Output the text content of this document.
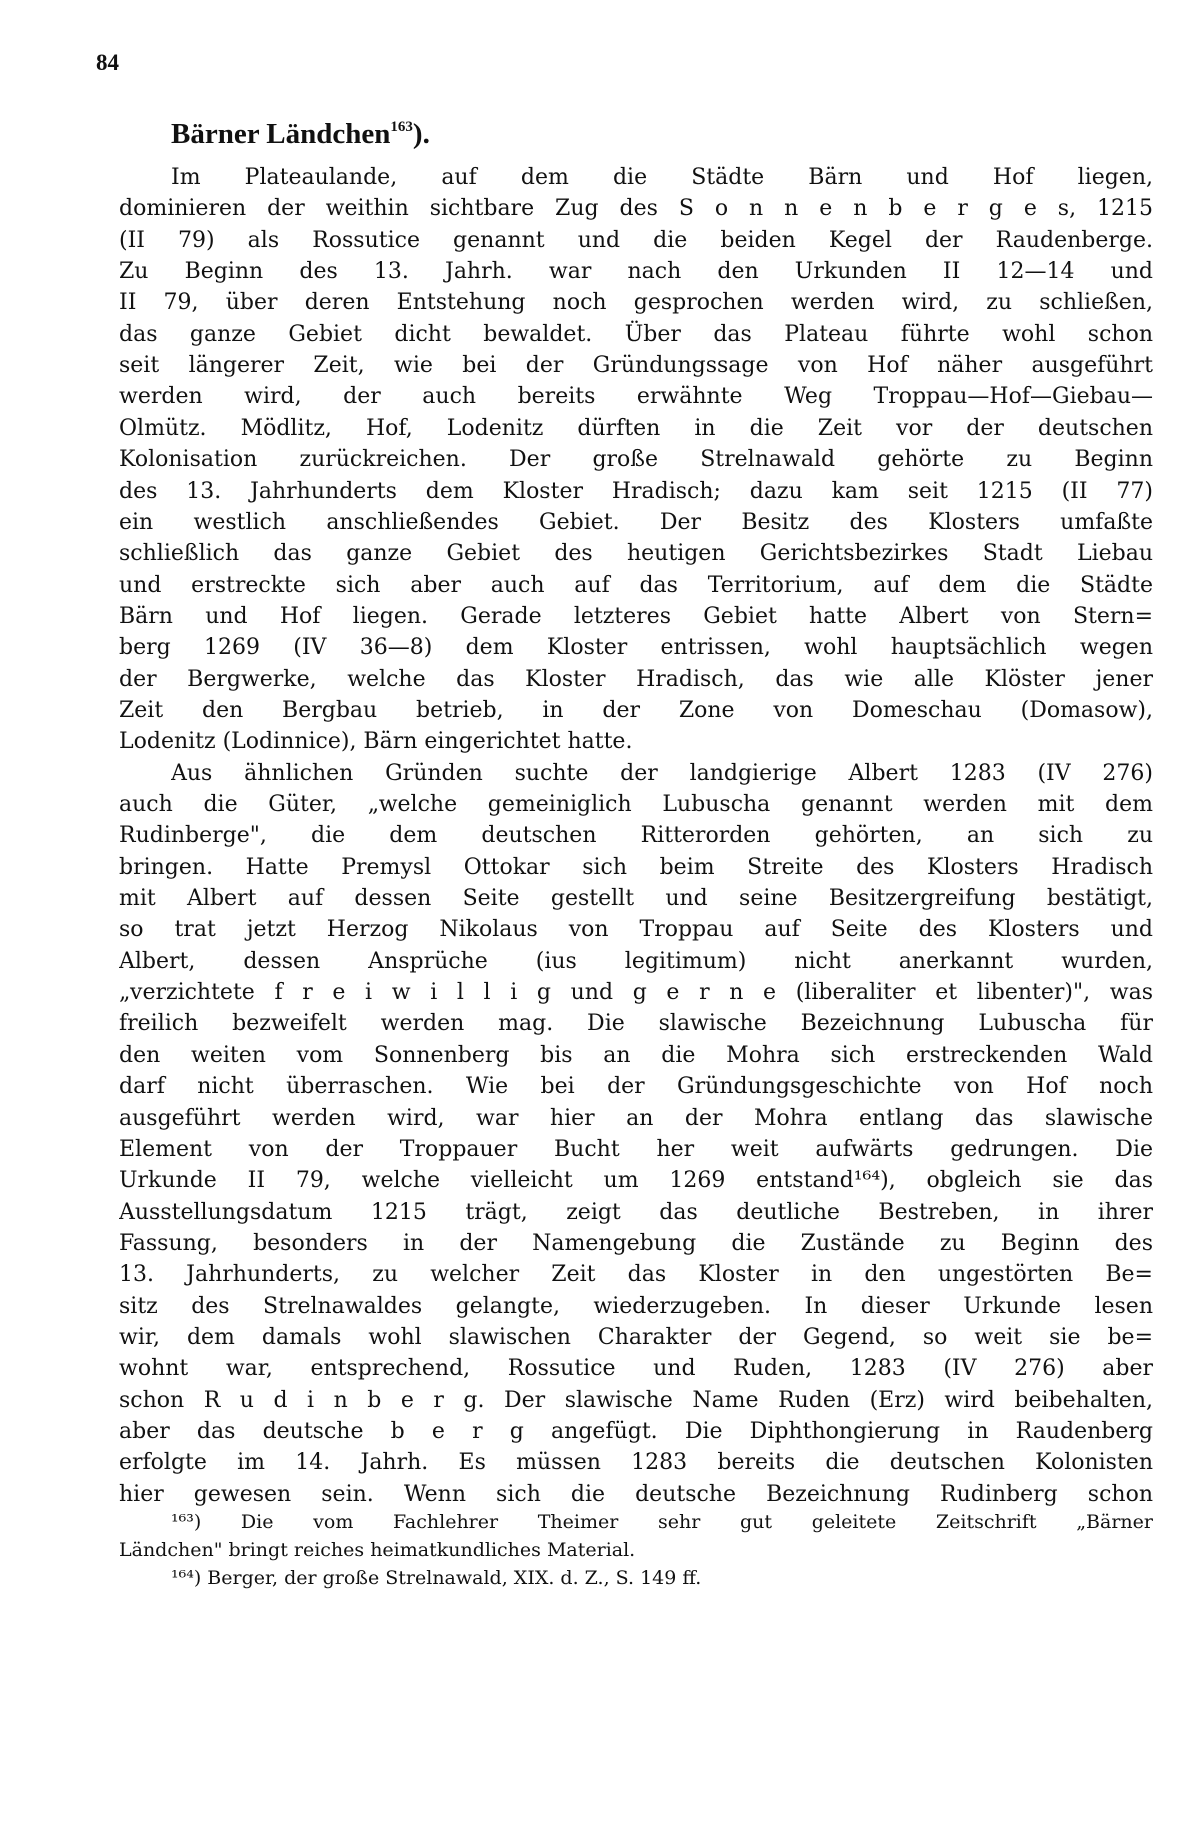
84
Bärner Ländchen$^{163}$).
Im Plateaulande, auf dem die Städte Bärn und Hof liegen,
dominieren der weithin sichtbare Zug des S o n n e n b e r g e s, 1215
(II 79) als Rossutice genannt und die beiden Kegel der Raudenberge.
Zu Beginn des 13. Jahrh. war nach den Urkunden II 12—14 und
II 79, über deren Entstehung noch gesprochen werden wird, zu schließen,
das ganze Gebiet dicht bewaldet. Über das Plateau führte wohl schon
seit längerer Zeit, wie bei der Gründungssage von Hof näher ausgeführt
werden wird, der auch bereits erwähnte Weg Troppau—Hof—Giebau—
Olmütz. Mödlitz, Hof, Lodenitz dürften in die Zeit vor der deutschen
Kolonisation zurückreichen. Der große Strelnawald gehörte zu Beginn
des 13. Jahrhunderts dem Kloster Hradisch; dazu kam seit 1215 (II 77)
ein westlich anschließendes Gebiet. Der Besitz des Klosters umfaßte
schließlich das ganze Gebiet des heutigen Gerichtsbezirkes Stadt Liebau
und erstreckte sich aber auch auf das Territorium, auf dem die Städte
Bärn und Hof liegen. Gerade letzteres Gebiet hatte Albert von Stern=
berg 1269 (IV 36—8) dem Kloster entrissen, wohl hauptsächlich wegen
der Bergwerke, welche das Kloster Hradisch, das wie alle Klöster jener
Zeit den Bergbau betrieb, in der Zone von Domeschau (Domasow),
Lodenitz (Lodinnice), Bärn eingerichtet hatte.
Aus ähnlichen Gründen suchte der landgierige Albert 1283 (IV 276)
auch die Güter, „welche gemeiniglich Lubuscha genannt werden mit dem
Rudinberge", die dem deutschen Ritterorden gehörten, an sich zu
bringen. Hatte Premysl Ottokar sich beim Streite des Klosters Hradisch
mit Albert auf dessen Seite gestellt und seine Besitzergreifung bestätigt,
so trat jetzt Herzog Nikolaus von Troppau auf Seite des Klosters und
Albert, dessen Ansprüche (ius legitimum) nicht anerkannt wurden,
„verzichtete f r e i w i l l i g und g e r n e (liberaliter et libenter)", was
freilich bezweifelt werden mag. Die slawische Bezeichnung Lubuscha für
den weiten vom Sonnenberg bis an die Mohra sich erstreckenden Wald
darf nicht überraschen. Wie bei der Gründungsgeschichte von Hof noch
ausgeführt werden wird, war hier an der Mohra entlang das slawische
Element von der Troppauer Bucht her weit aufwärts gedrungen. Die
Urkunde II 79, welche vielleicht um 1269 entstand¹⁶⁴), obgleich sie das
Ausstellungsdatum 1215 trägt, zeigt das deutliche Bestreben, in ihrer
Fassung, besonders in der Namengebung die Zustände zu Beginn des
13. Jahrhunderts, zu welcher Zeit das Kloster in den ungestörten Be=
sitz des Strelnawaldes gelangte, wiederzugeben. In dieser Urkunde lesen
wir, dem damals wohl slawischen Charakter der Gegend, so weit sie be=
wohnt war, entsprechend, Rossutice und Ruden, 1283 (IV 276) aber
schon R u d i n b e r g. Der slawische Name Ruden (Erz) wird beibehalten,
aber das deutsche b e r g angefügt. Die Diphthongierung in Raudenberg
erfolgte im 14. Jahrh. Es müssen 1283 bereits die deutschen Kolonisten
hier gewesen sein. Wenn sich die deutsche Bezeichnung Rudinberg schon
¹⁶³) Die vom Fachlehrer Theimer sehr gut geleitete Zeitschrift „Bärner
Ländchen" bringt reiches heimatkundliches Material.
¹⁶⁴) Berger, der große Strelnawald, XIX. d. Z., S. 149 ff.
